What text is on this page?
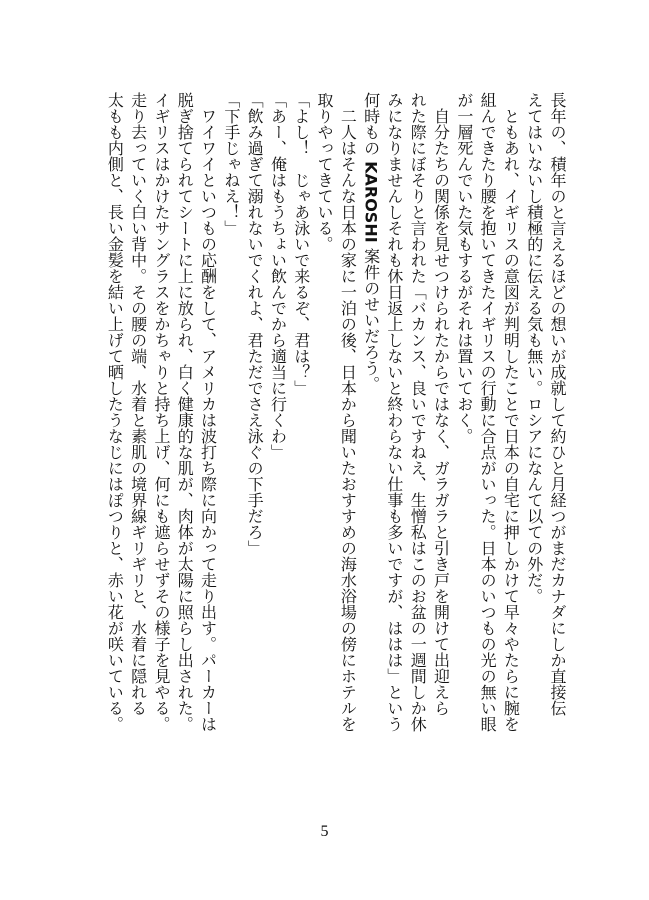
長年の、積年のと言えるほどの想いが成就して約ひと月経つがまだカナダにしか直接伝

えてはいないし積極的に伝える気も無い。ロシアになんて以ての外だ。

　ともあれ、イギリスの意図が判明したことで日本の自宅に押しかけて早々やたらに腕を

組んできたり腰を抱いてきたイギリスの行動に合点がいった。日本のいつもの光の無い眼

が一層死んでいた気もするがそれは置いておく。

　自分たちの関係を見せつけられたからではなく、ガラガラと引き戸を開けて出迎えら

れた際にぼそりと言われた「バカンス、良いですねえ、生憎私はこのお盆の一週間しか休

みになりませんしそれも休日返上しないと終わらない仕事も多いですが、ははは」という

何時もの KAROSHI 案件のせいだろう。

　二人はそんな日本の家に一泊の後、日本から聞いたおすすめの海水浴場の傍にホテルを

取りやってきている。

「よし！　じゃあ泳いで来るぞ、君は？」

「あー、俺はもうちょい飲んでから適当に行くわ」

「飲み過ぎて溺れないでくれよ、君ただでさえ泳ぐの下手だろ」

「下手じゃねえ！」

　ワイワイといつもの応酬をして、アメリカは波打ち際に向かって走り出す。パーカーは

脱ぎ捨てられてシートに上に放られ、白く健康的な肌が、肉体が太陽に照らし出された。

イギリスはかけたサングラスをかちゃりと持ち上げ、何にも遮らせずその様子を見やる。

走り去っていく白い背中。その腰の端、水着と素肌の境界線ギリギリと、水着に隠れる

太もも内側と、長い金髪を結い上げて晒したうなじにはぽつりと、赤い花が咲いている。

5
